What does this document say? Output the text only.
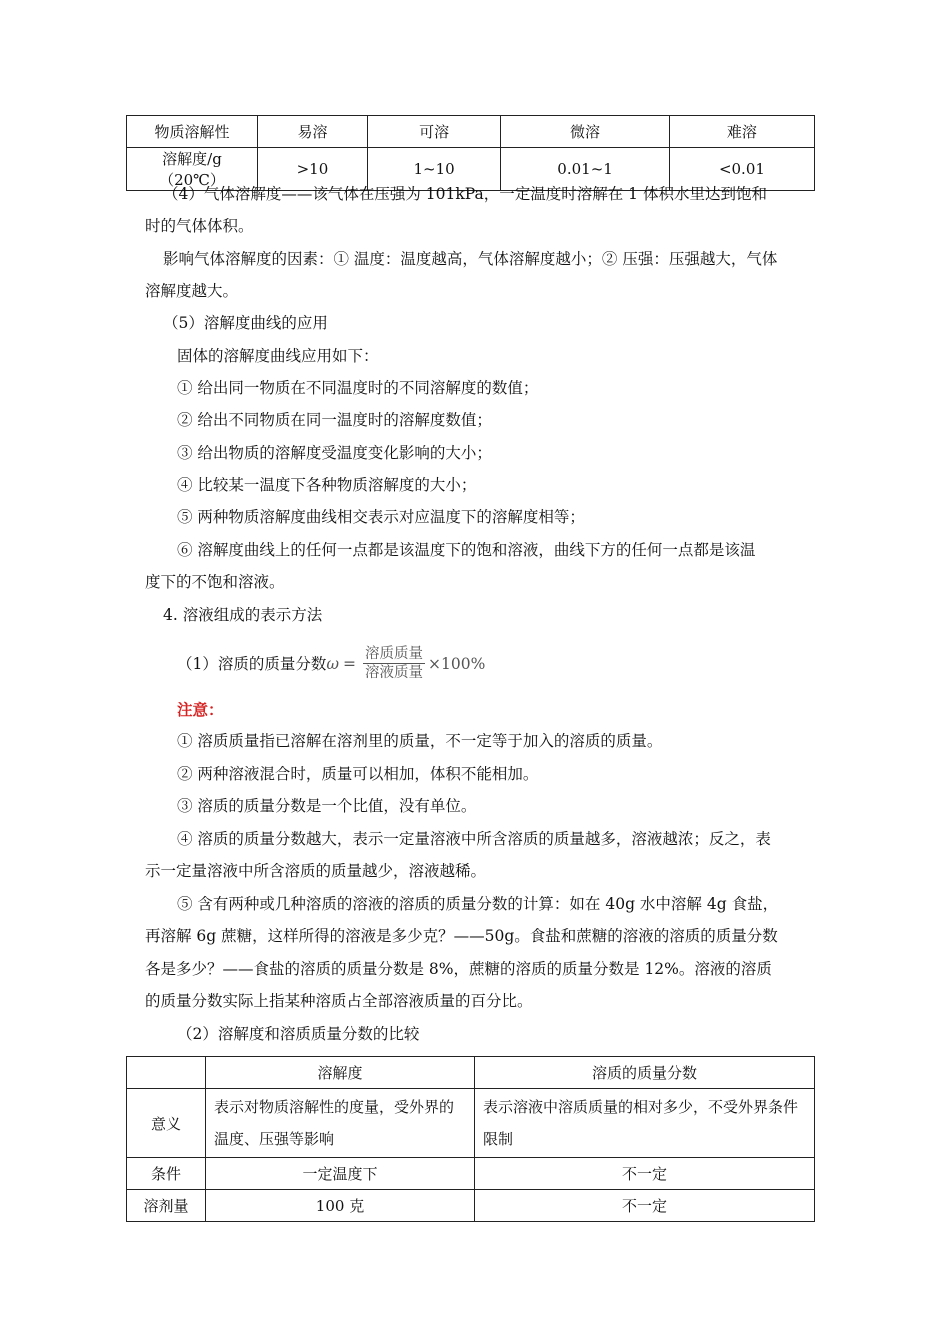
物质溶解性	易溶	可溶	微溶	难溶
溶解度/g（20℃）	>10	1~10	0.01~1	<0.01
（4）气体溶解度——该气体在压强为 101kPa，一定温度时溶解在 1 体积水里达到饱和
时的气体体积。
影响气体溶解度的因素：① 温度：温度越高，气体溶解度越小；② 压强：压强越大，气体
溶解度越大。
（5）溶解度曲线的应用
固体的溶解度曲线应用如下：
① 给出同一物质在不同温度时的不同溶解度的数值；
② 给出不同物质在同一温度时的溶解度数值；
③ 给出物质的溶解度受温度变化影响的大小；
④ 比较某一温度下各种物质溶解度的大小；
⑤ 两种物质溶解度曲线相交表示对应温度下的溶解度相等；
⑥ 溶解度曲线上的任何一点都是该温度下的饱和溶液，曲线下方的任何一点都是该温
度下的不饱和溶液。
4. 溶液组成的表示方法
（1）溶质的质量分数 $\omega = \frac{\text{溶质质量}}{\text{溶液质量}} \times 100\%$
注意：
① 溶质质量指已溶解在溶剂里的质量，不一定等于加入的溶质的质量。
② 两种溶液混合时，质量可以相加，体积不能相加。
③ 溶质的质量分数是一个比值，没有单位。
④ 溶质的质量分数越大，表示一定量溶液中所含溶质的质量越多，溶液越浓；反之，表
示一定量溶液中所含溶质的质量越少，溶液越稀。
⑤ 含有两种或几种溶质的溶液的溶质的质量分数的计算：如在 40g 水中溶解 4g 食盐，
再溶解 6g 蔗糖，这样所得的溶液是多少克？——50g。食盐和蔗糖的溶液的溶质的质量分数
各是多少？——食盐的溶质的质量分数是 8%，蔗糖的溶质的质量分数是 12%。溶液的溶质
的质量分数实际上指某种溶质占全部溶液质量的百分比。
（2）溶解度和溶质质量分数的比较
	溶解度	溶质的质量分数
意义	表示对物质溶解性的度量，受外界的温度、压强等影响	表示溶液中溶质质量的相对多少，不受外界条件限制
条件	一定温度下	不一定
溶剂量	100 克	不一定
